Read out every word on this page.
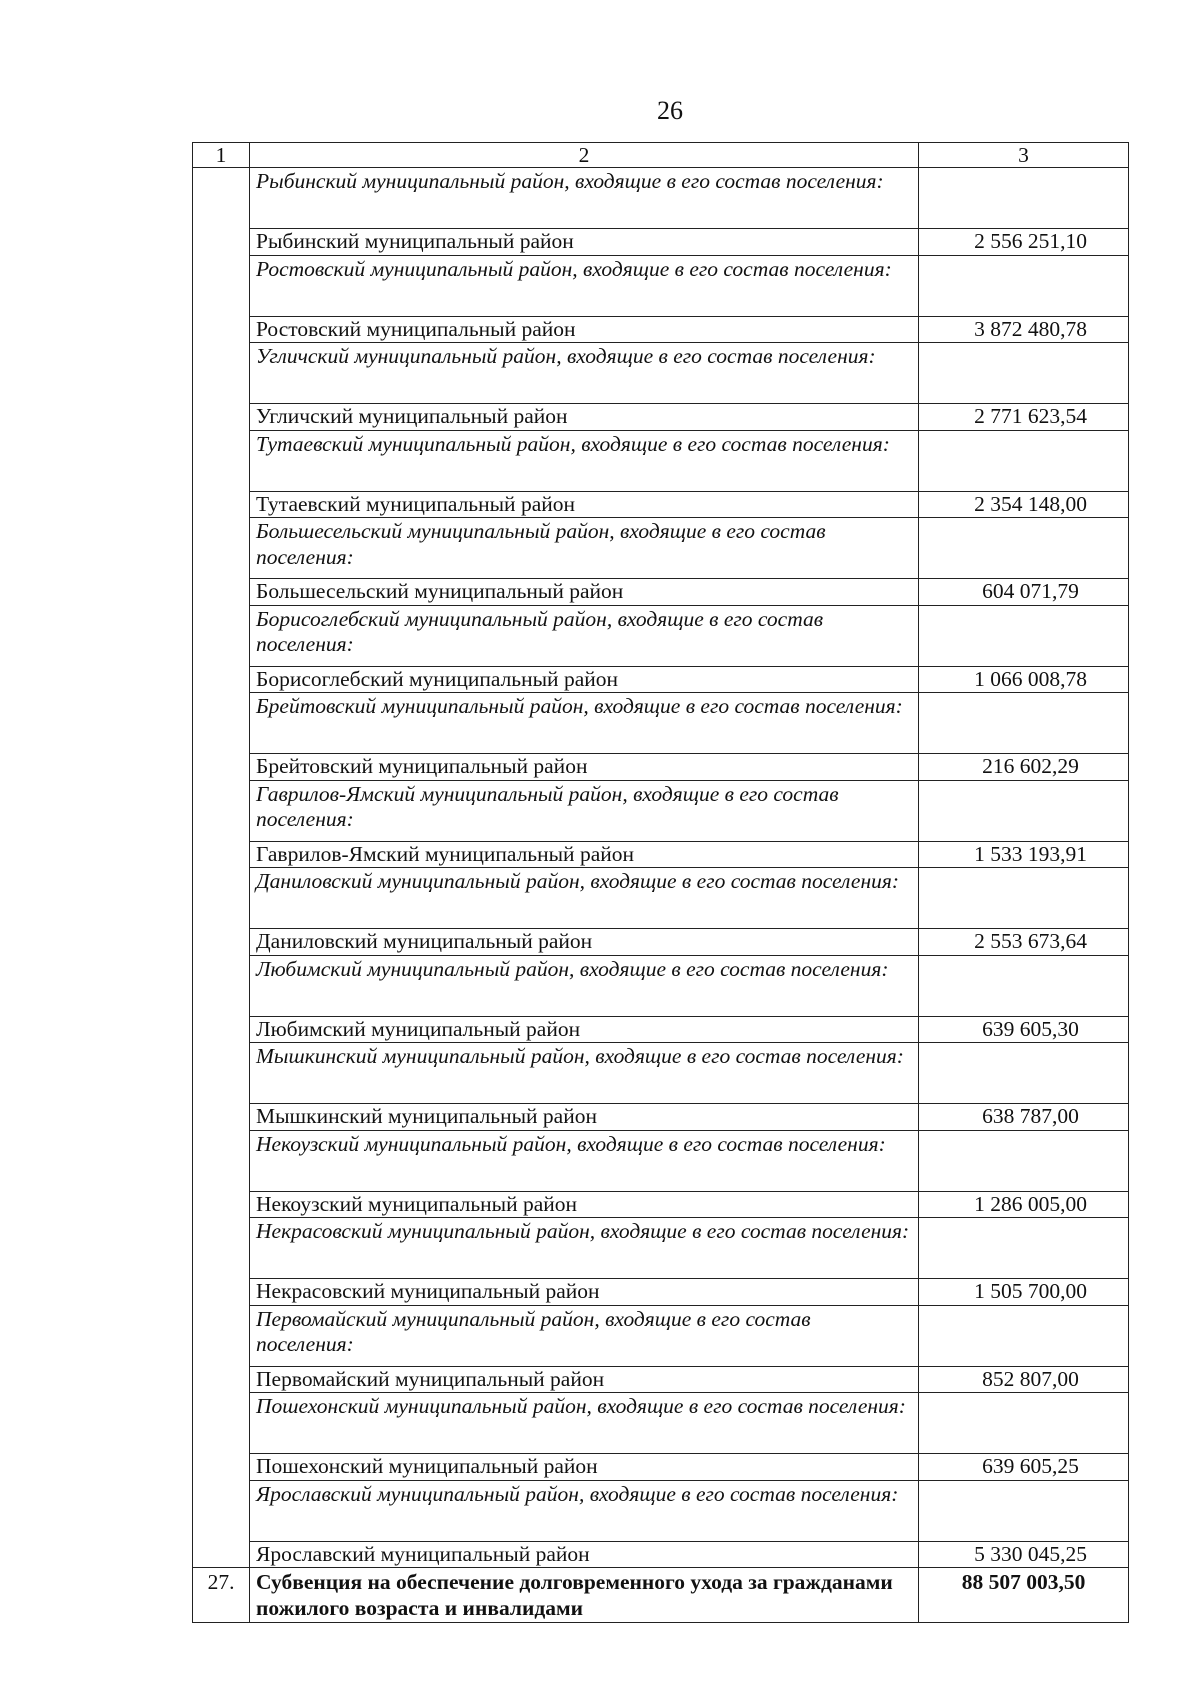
26
1	2	3
	Рыбинский муниципальный район, входящие в его состав поселения:	
	Рыбинский муниципальный район	2 556 251,10
	Ростовский муниципальный район, входящие в его состав поселения:	
	Ростовский муниципальный район	3 872 480,78
	Угличский муниципальный район, входящие в его состав поселения:	
	Угличский муниципальный район	2 771 623,54
	Тутаевский муниципальный район, входящие в его состав поселения:	
	Тутаевский муниципальный район	2 354 148,00
	Большесельский муниципальный район, входящие в его состав поселения:	
	Большесельский муниципальный район	604 071,79
	Борисоглебский муниципальный район, входящие в его состав поселения:	
	Борисоглебский муниципальный район	1 066 008,78
	Брейтовский муниципальный район, входящие в его состав поселения:	
	Брейтовский муниципальный район	216 602,29
	Гаврилов-Ямский муниципальный район, входящие в его состав поселения:	
	Гаврилов-Ямский муниципальный район	1 533 193,91
	Даниловский муниципальный район, входящие в его состав поселения:	
	Даниловский муниципальный район	2 553 673,64
	Любимский муниципальный район, входящие в его состав поселения:	
	Любимский муниципальный район	639 605,30
	Мышкинский муниципальный район, входящие в его состав поселения:	
	Мышкинский муниципальный район	638 787,00
	Некоузский муниципальный район, входящие в его состав поселения:	
	Некоузский муниципальный район	1 286 005,00
	Некрасовский муниципальный район, входящие в его состав поселения:	
	Некрасовский муниципальный район	1 505 700,00
	Первомайский муниципальный район, входящие в его состав поселения:	
	Первомайский муниципальный район	852 807,00
	Пошехонский муниципальный район, входящие в его состав поселения:	
	Пошехонский муниципальный район	639 605,25
	Ярославский муниципальный район, входящие в его состав поселения:	
	Ярославский муниципальный район	5 330 045,25
27.	Субвенция на обеспечение долговременного ухода за гражданами пожилого возраста и инвалидами	88 507 003,50
